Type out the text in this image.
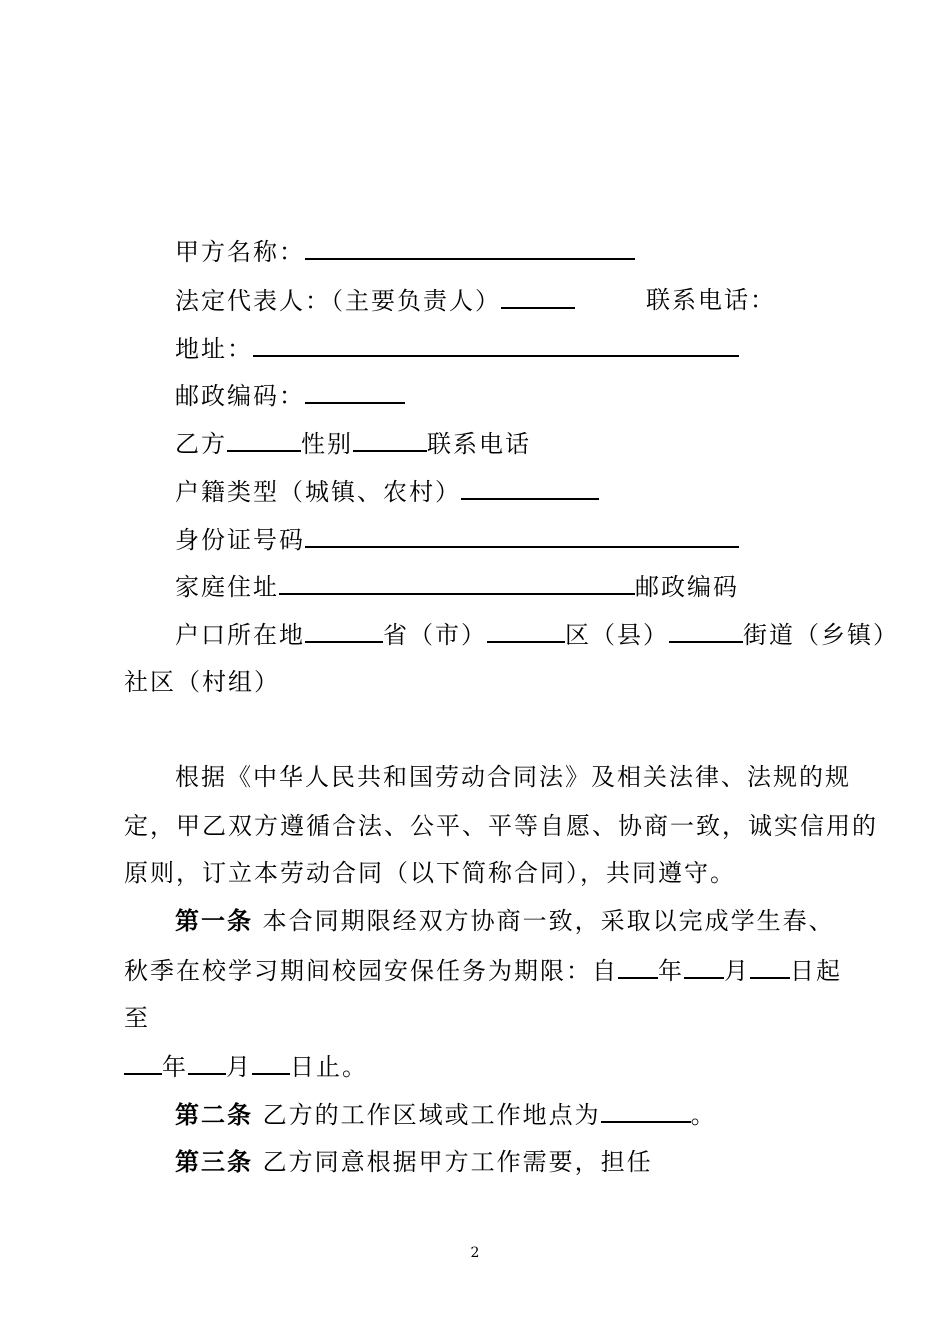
甲方名称：
法定代表人：（主要负责人）	联系电话：
地址：
邮政编码：
乙方	性别	联系电话
户籍类型（城镇、农村）
身份证号码
家庭住址	邮政编码
户口所在地	省（市）	区（县）	街道（乡镇）
社区（村组）
根据《中华人民共和国劳动合同法》及相关法律、法规的规
定，甲乙双方遵循合法、公平、平等自愿、协商一致，诚实信用的
原则，订立本劳动合同（以下简称合同），共同遵守。
第一条 本合同期限经双方协商一致，采取以完成学生春、
秋季在校学习期间校园安保任务为期限：自 年 月 日起
至
年 月 日止。
第二条 乙方的工作区域或工作地点为	。
第三条 乙方同意根据甲方工作需要，担任
2
